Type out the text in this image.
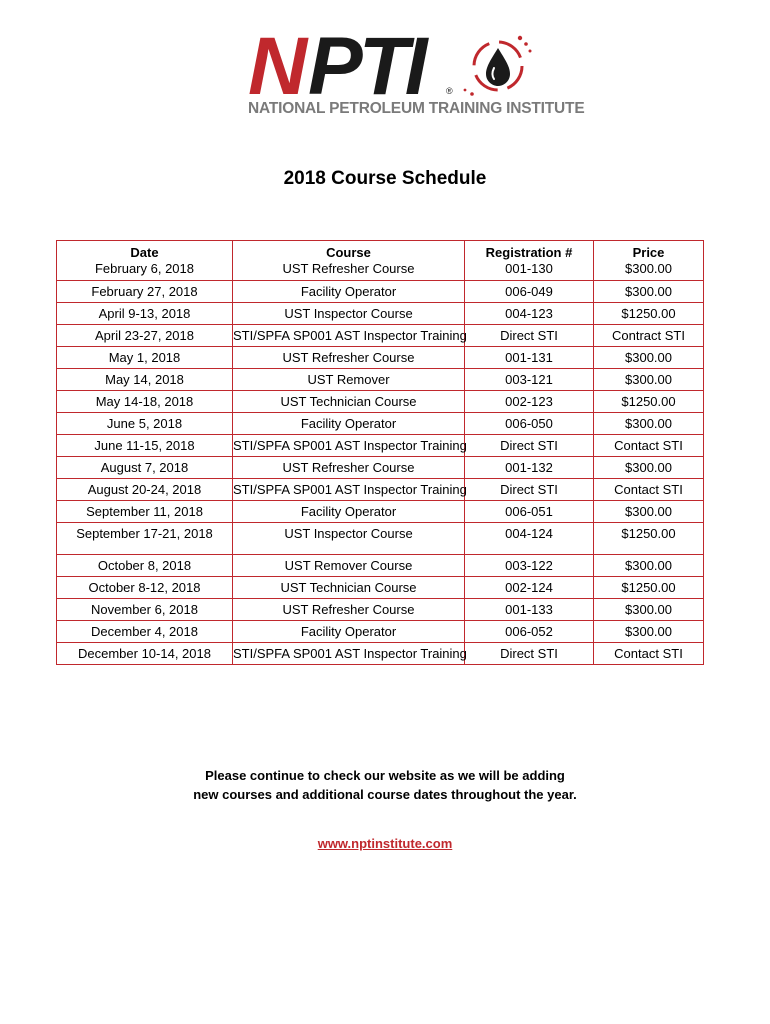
N PTI	®
NATIONAL PETROLEUM TRAINING INSTITUTE
2018 Course Schedule
Date	Course	Registration #	Price
February 6, 2018	UST Refresher Course	001-130	$300.00
February 27, 2018	Facility Operator	006-049	$300.00
April 9-13, 2018	UST Inspector Course	004-123	$1250.00
April 23-27, 2018	STI/SPFA SP001 AST Inspector Training	Direct STI	Contract STI
May 1, 2018	UST Refresher Course	001-131	$300.00
May 14, 2018	UST Remover	003-121	$300.00
May 14-18, 2018	UST Technician Course	002-123	$1250.00
June 5, 2018	Facility Operator	006-050	$300.00
June 11-15, 2018	STI/SPFA SP001 AST Inspector Training	Direct STI	Contact STI
August 7, 2018	UST Refresher Course	001-132	$300.00
August 20-24, 2018	STI/SPFA SP001 AST Inspector Training	Direct STI	Contact STI
September 11, 2018	Facility Operator	006-051	$300.00
September 17-21, 2018	UST Inspector Course	004-124	$1250.00
October 8, 2018	UST Remover Course	003-122	$300.00
October 8-12, 2018	UST Technician Course	002-124	$1250.00
November 6, 2018	UST Refresher Course	001-133	$300.00
December 4, 2018	Facility Operator	006-052	$300.00
December 10-14, 2018	STI/SPFA SP001 AST Inspector Training	Direct STI	Contact STI
Please continue to check our website as we will be adding
new courses and additional course dates throughout the year.
www.nptinstitute.com
